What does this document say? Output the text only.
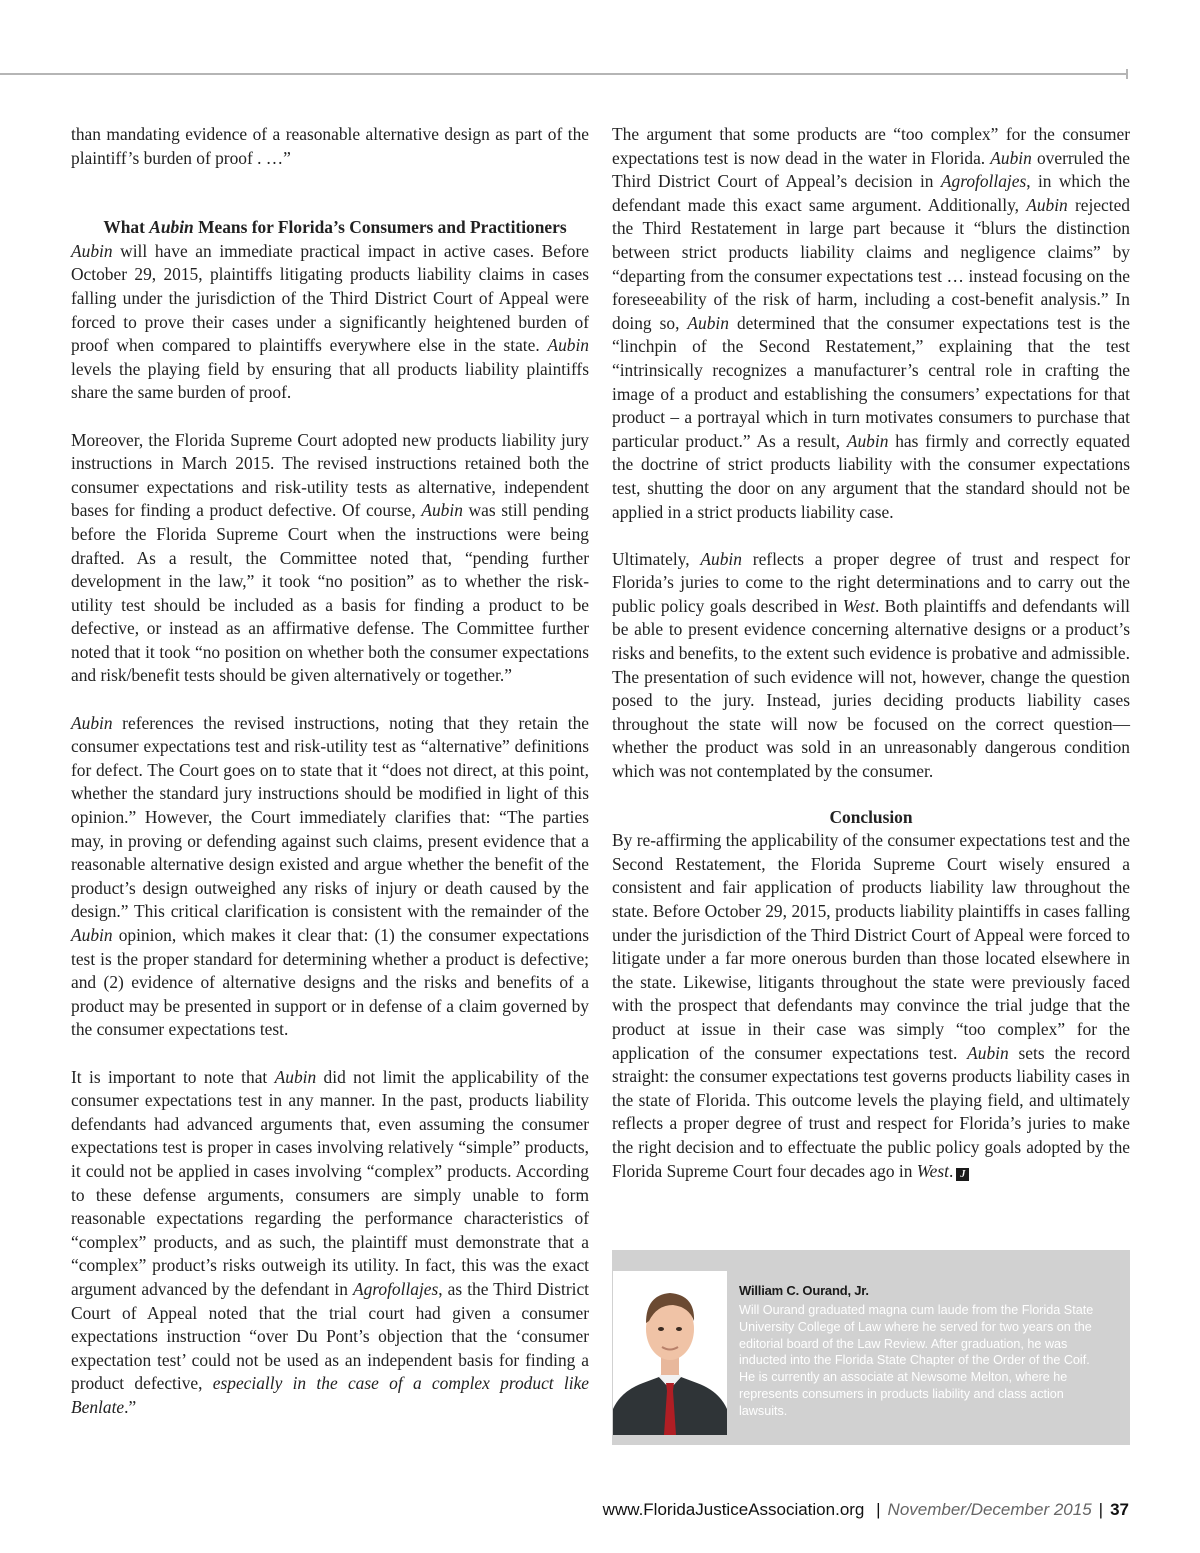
than mandating evidence of a reasonable alternative design as part of the plaintiff’s burden of proof . …”

What Aubin Means for Florida’s Consumers and Practitioners

Aubin will have an immediate practical impact in active cases. Before October 29, 2015, plaintiffs litigating products liability claims in cases falling under the jurisdiction of the Third District Court of Appeal were forced to prove their cases under a significantly heightened burden of proof when compared to plaintiffs everywhere else in the state. Aubin levels the playing field by ensuring that all products liability plaintiffs share the same burden of proof.

Moreover, the Florida Supreme Court adopted new products liability jury instructions in March 2015. The revised instructions retained both the consumer expectations and risk-utility tests as alternative, independent bases for finding a product defective. Of course, Aubin was still pending before the Florida Supreme Court when the instructions were being drafted. As a result, the Committee noted that, “pending further development in the law,” it took “no position” as to whether the risk-utility test should be included as a basis for finding a product to be defective, or instead as an affirmative defense. The Committee further noted that it took “no position on whether both the consumer expectations and risk/benefit tests should be given alternatively or together.”

Aubin references the revised instructions, noting that they retain the consumer expectations test and risk-utility test as “alternative” definitions for defect. The Court goes on to state that it “does not direct, at this point, whether the standard jury instructions should be modified in light of this opinion.” However, the Court immediately clarifies that: “The parties may, in proving or defending against such claims, present evidence that a reasonable alternative design existed and argue whether the benefit of the product’s design outweighed any risks of injury or death caused by the design.” This critical clarification is consistent with the remainder of the Aubin opinion, which makes it clear that: (1) the consumer expectations test is the proper standard for determining whether a product is defective; and (2) evidence of alternative designs and the risks and benefits of a product may be presented in support or in defense of a claim governed by the consumer expectations test.

It is important to note that Aubin did not limit the applicability of the consumer expectations test in any manner. In the past, products liability defendants had advanced arguments that, even assuming the consumer expectations test is proper in cases involving relatively “simple” products, it could not be applied in cases involving “complex” products. According to these defense arguments, consumers are simply unable to form reasonable expectations regarding the performance characteristics of “complex” products, and as such, the plaintiff must demonstrate that a “complex” product’s risks outweigh its utility. In fact, this was the exact argument advanced by the defendant in Agrofollajes, as the Third District Court of Appeal noted that the trial court had given a consumer expectations instruction “over Du Pont’s objection that the ‘consumer expectation test’ could not be used as an independent basis for finding a product defective, especially in the case of a complex product like Benlate.”

The argument that some products are “too complex” for the consumer expectations test is now dead in the water in Florida. Aubin overruled the Third District Court of Appeal’s decision in Agrofollajes, in which the defendant made this exact same argument. Additionally, Aubin rejected the Third Restatement in large part because it “blurs the distinction between strict products liability claims and negligence claims” by “departing from the consumer expectations test … instead focusing on the foreseeability of the risk of harm, including a cost-benefit analysis.” In doing so, Aubin determined that the consumer expectations test is the “linchpin of the Second Restatement,” explaining that the test “intrinsically recognizes a manufacturer’s central role in crafting the image of a product and establishing the consumers’ expectations for that product – a portrayal which in turn motivates consumers to purchase that particular product.” As a result, Aubin has firmly and correctly equated the doctrine of strict products liability with the consumer expectations test, shutting the door on any argument that the standard should not be applied in a strict products liability case.

Ultimately, Aubin reflects a proper degree of trust and respect for Florida’s juries to come to the right determinations and to carry out the public policy goals described in West. Both plaintiffs and defendants will be able to present evidence concerning alternative designs or a product’s risks and benefits, to the extent such evidence is probative and admissible. The presentation of such evidence will not, however, change the question posed to the jury. Instead, juries deciding products liability cases throughout the state will now be focused on the correct question—whether the product was sold in an unreasonably dangerous condition which was not contemplated by the consumer.

Conclusion

By re-affirming the applicability of the consumer expectations test and the Second Restatement, the Florida Supreme Court wisely ensured a consistent and fair application of products liability law throughout the state. Before October 29, 2015, products liability plaintiffs in cases falling under the jurisdiction of the Third District Court of Appeal were forced to litigate under a far more onerous burden than those located elsewhere in the state. Likewise, litigants throughout the state were previously faced with the prospect that defendants may convince the trial judge that the product at issue in their case was simply “too complex” for the application of the consumer expectations test. Aubin sets the record straight: the consumer expectations test governs products liability cases in the state of Florida. This outcome levels the playing field, and ultimately reflects a proper degree of trust and respect for Florida’s juries to make the right decision and to effectuate the public policy goals adopted by the Florida Supreme Court four decades ago in West. J

William C. Ourand, Jr.

Will Ourand graduated magna cum laude from the Florida State University College of Law where he served for two years on the editorial board of the Law Review. After graduation, he was inducted into the Florida State Chapter of the Order of the Coif. He is currently an associate at Newsome Melton, where he represents consumers in products liability and class action lawsuits.

www.FloridaJusticeAssociation.org | November/December 2015 | 37
